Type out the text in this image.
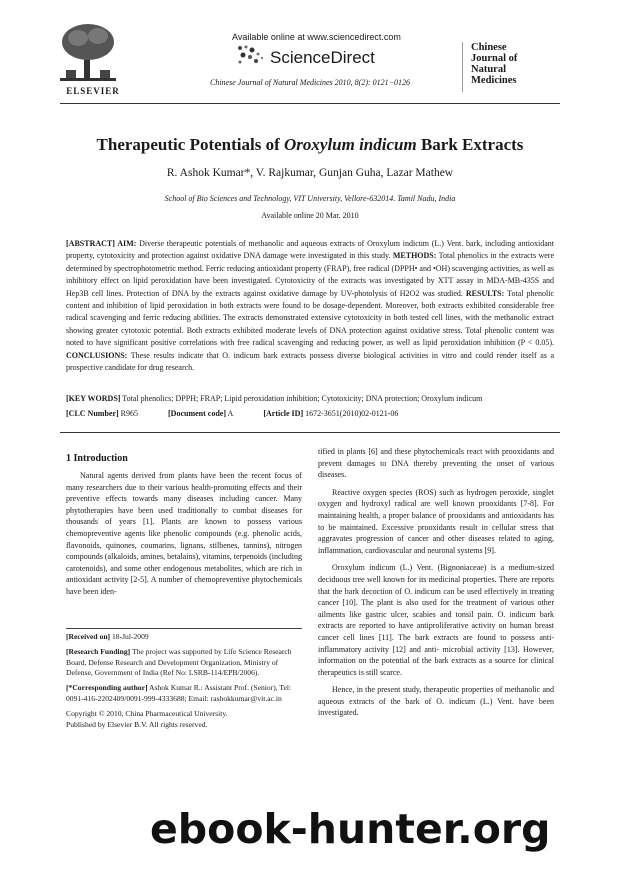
ELSEVIER
Available online at www.sciencedirect.com
ScienceDirect
Chinese Journal of Natural Medicines 2010, 8(2): 0121−0126
Chinese
Journal of
Natural
Medicines
Therapeutic Potentials of Oroxylum indicum Bark Extracts
R. Ashok Kumar*, V. Rajkumar, Gunjan Guha, Lazar Mathew
School of Bio Sciences and Technology, VIT University, Vellore-632014. Tamil Nadu, India
Available online 20 Mar. 2010
[ABSTRACT] AIM: Diverse therapeutic potentials of methanolic and aqueous extracts of Oroxylum indicum (L.) Vent. bark, including antioxidant property, cytotoxicity and protection against oxidative DNA damage were investigated in this study. METHODS: Total phenolics in the extracts were determined by spectrophotometric method. Ferric reducing antioxidant property (FRAP), free radical (DPPH• and •OH) scavenging activities, as well as inhibitory effect on lipid peroxidation have been investigated. Cytotoxicity of the extracts was investigated by XTT assay in MDA-MB-435S and Hep3B cell lines. Protection of DNA by the extracts against oxidative damage by UV-photolysis of H2O2 was studied. RESULTS: Total phenolic content and inhibition of lipid peroxidation in both extracts were found to be dosage-dependent. Moreover, both extracts exhibited considerable free radical scavenging and ferric reducing abilities. The extracts demonstrated extensive cytotoxicity in both tested cell lines, with the methanolic extract showing greater cytotoxic potential. Both extracts exhibited moderate levels of DNA protection against oxidative stress. Total phenolic content was noted to have significant positive correlations with free radical scavenging and reducing power, as well as lipid peroxidation inhibition (P < 0.05). CONCLUSIONS: These results indicate that O. indicum bark extracts possess diverse biological activities in vitro and could render itself as a prospective candidate for drug research.
[KEY WORDS] Total phenolics; DPPH; FRAP; Lipid peroxidation inhibition; Cytotoxicity; DNA protection; Oroxylum indicum
[CLC Number] R965	[Document code] A	[Article ID] 1672-3651(2010)02-0121-06
1 Introduction

Natural agents derived from plants have been the recent focus of many researchers due to their various health-promoting effects and their preventive effects towards many diseases including cancer. Many phytotherapies have been used traditionally to combat diseases for thousands of years [1]. Plants are known to possess various chemopreventive agents like phenolic compounds (e.g. phenolic acids, flavonoids, quinones, coumarins, lignans, stilbenes, tannins), nitrogen compounds (alkaloids, amines, betalains), vitamins, terpenoids (including carotenoids), and some other endogenous metabolites, which are rich in antioxidant activity [2-5]. A number of chemopreventive phytochemicals have been iden-

[Received on] 18-Jul-2009

[Research Funding] The project was supported by Life Science Research Board, Defense Research and Development Organization, Ministry of Defense, Government of India (Ref No: LSRB-114/EPB/2006).

[*Corresponding author] Ashok Kumar R.: Assistant Prof. (Senior), Tel: 0091-416-2202409/0091-999-4333688; Email: rashokkumar@vit.ac.in

Copyright © 2010, China Pharmaceutical University.

Published by Elsevier B.V. All rights reserved.

tified in plants [6] and these phytochemicals react with prooxidants and prevent damages to DNA thereby preventing the onset of various diseases.

Reactive oxygen species (ROS) such as hydrogen peroxide, singlet oxygen and hydroxyl radical are well known prooxidants [7-8]. For maintaining health, a proper balance of prooxidants and antioxidants has to be maintained. Excessive prooxidants result in cellular stress that aggravates progression of cancer and other diseases related to aging, inflammation, cardiovascular and neuronal systems [9].

Oroxylum indicum (L.) Vent. (Bignoniaceae) is a medium-sized deciduous tree well known for its medicinal properties. There are reports that the bark decoction of O. indicum can be used effectively in treating cancer [10]. The plant is also used for the treatment of various other ailments like gastric ulcer, scabies and tonsil pain. O. indicum bark extracts are reported to have antiproliferative activity on human breast cancer cell lines [11]. The bark extracts are found to possess anti-inflammatory activity [12] and anti- microbial activity [13]. However, information on the potential of the bark extracts as a source for clinical therapeutics is still scarce.

Hence, in the present study, therapeutic properties of methanolic and aqueous extracts of the bark of O. indicum (L.) Vent. have been investigated.

ebook-hunter.org
